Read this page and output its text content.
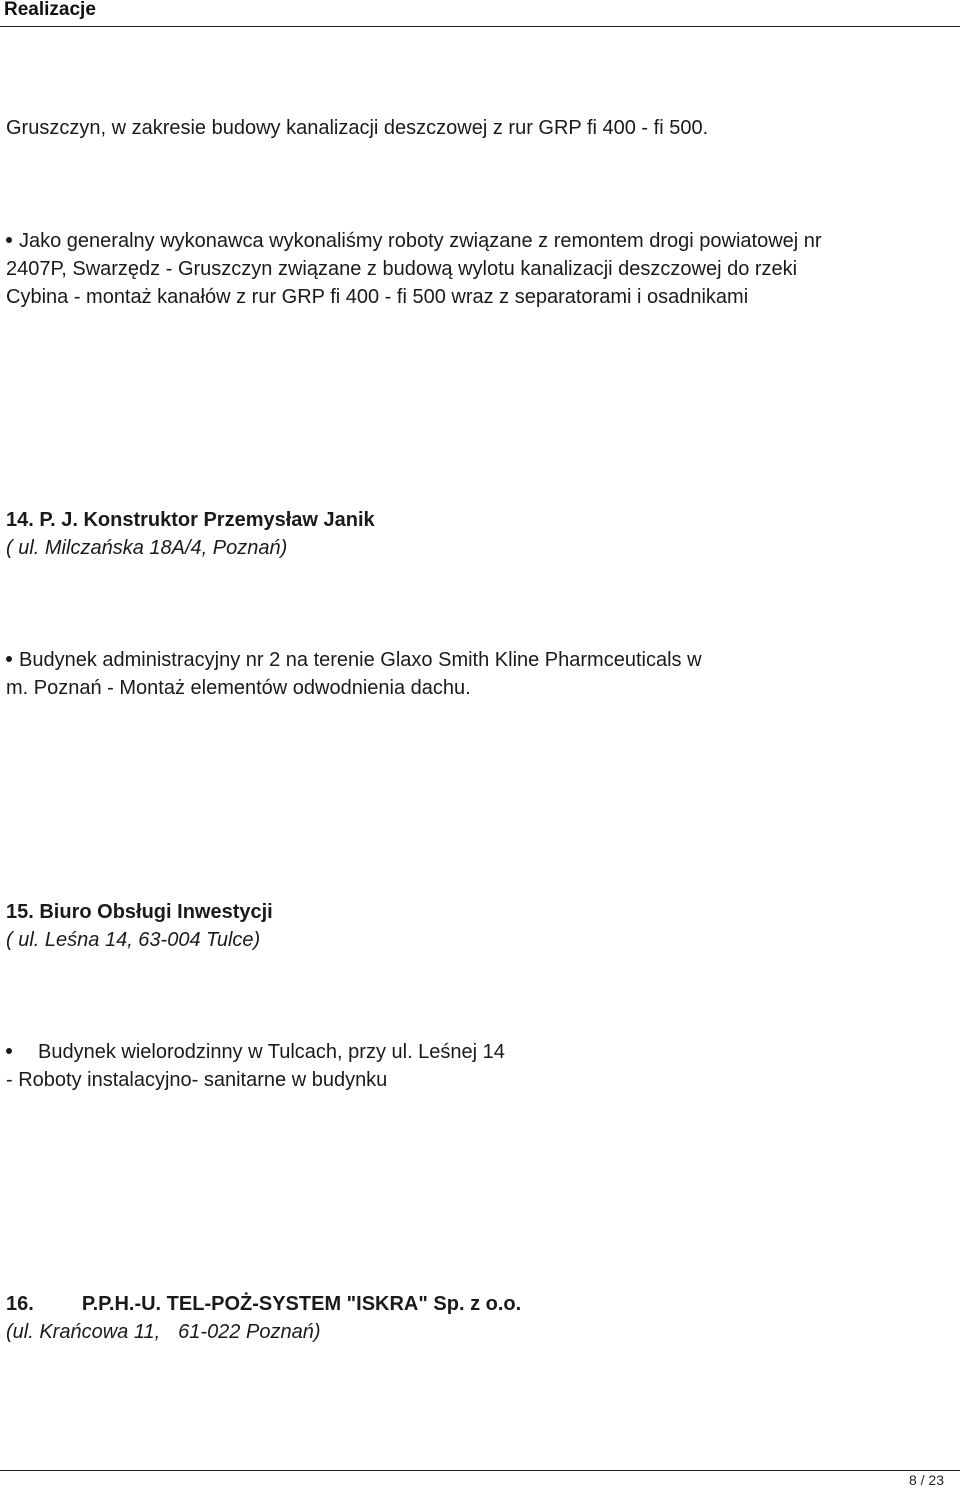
Realizacje

Gruszczyn, w zakresie budowy kanalizacji deszczowej z rur GRP fi 400 - fi 500.

Jako generalny wykonawca wykonaliśmy roboty związane z remontem drogi powiatowej nr

2407P, Swarzędz - Gruszczyn związane z budową wylotu kanalizacji deszczowej do rzeki

Cybina - montaż kanałów z rur GRP fi 400 - fi 500 wraz z separatorami i osadnikami

14. P. J. Konstruktor Przemysław Janik

( ul. Milczańska 18A/4, Poznań)

Budynek administracyjny nr 2 na terenie Glaxo Smith Kline Pharmceuticals w

m. Poznań - Montaż elementów odwodnienia dachu.

15. Biuro Obsługi Inwestycji

( ul. Leśna 14, 63-004 Tulce)

Budynek wielorodzinny w Tulcach, przy ul. Leśnej 14

- Roboty instalacyjno- sanitarne w budynku

16. P.P.H.-U. TEL-POŻ-SYSTEM "ISKRA" Sp. z o.o.

(ul. Krańcowa 11, 61-022 Poznań)

8 / 23
